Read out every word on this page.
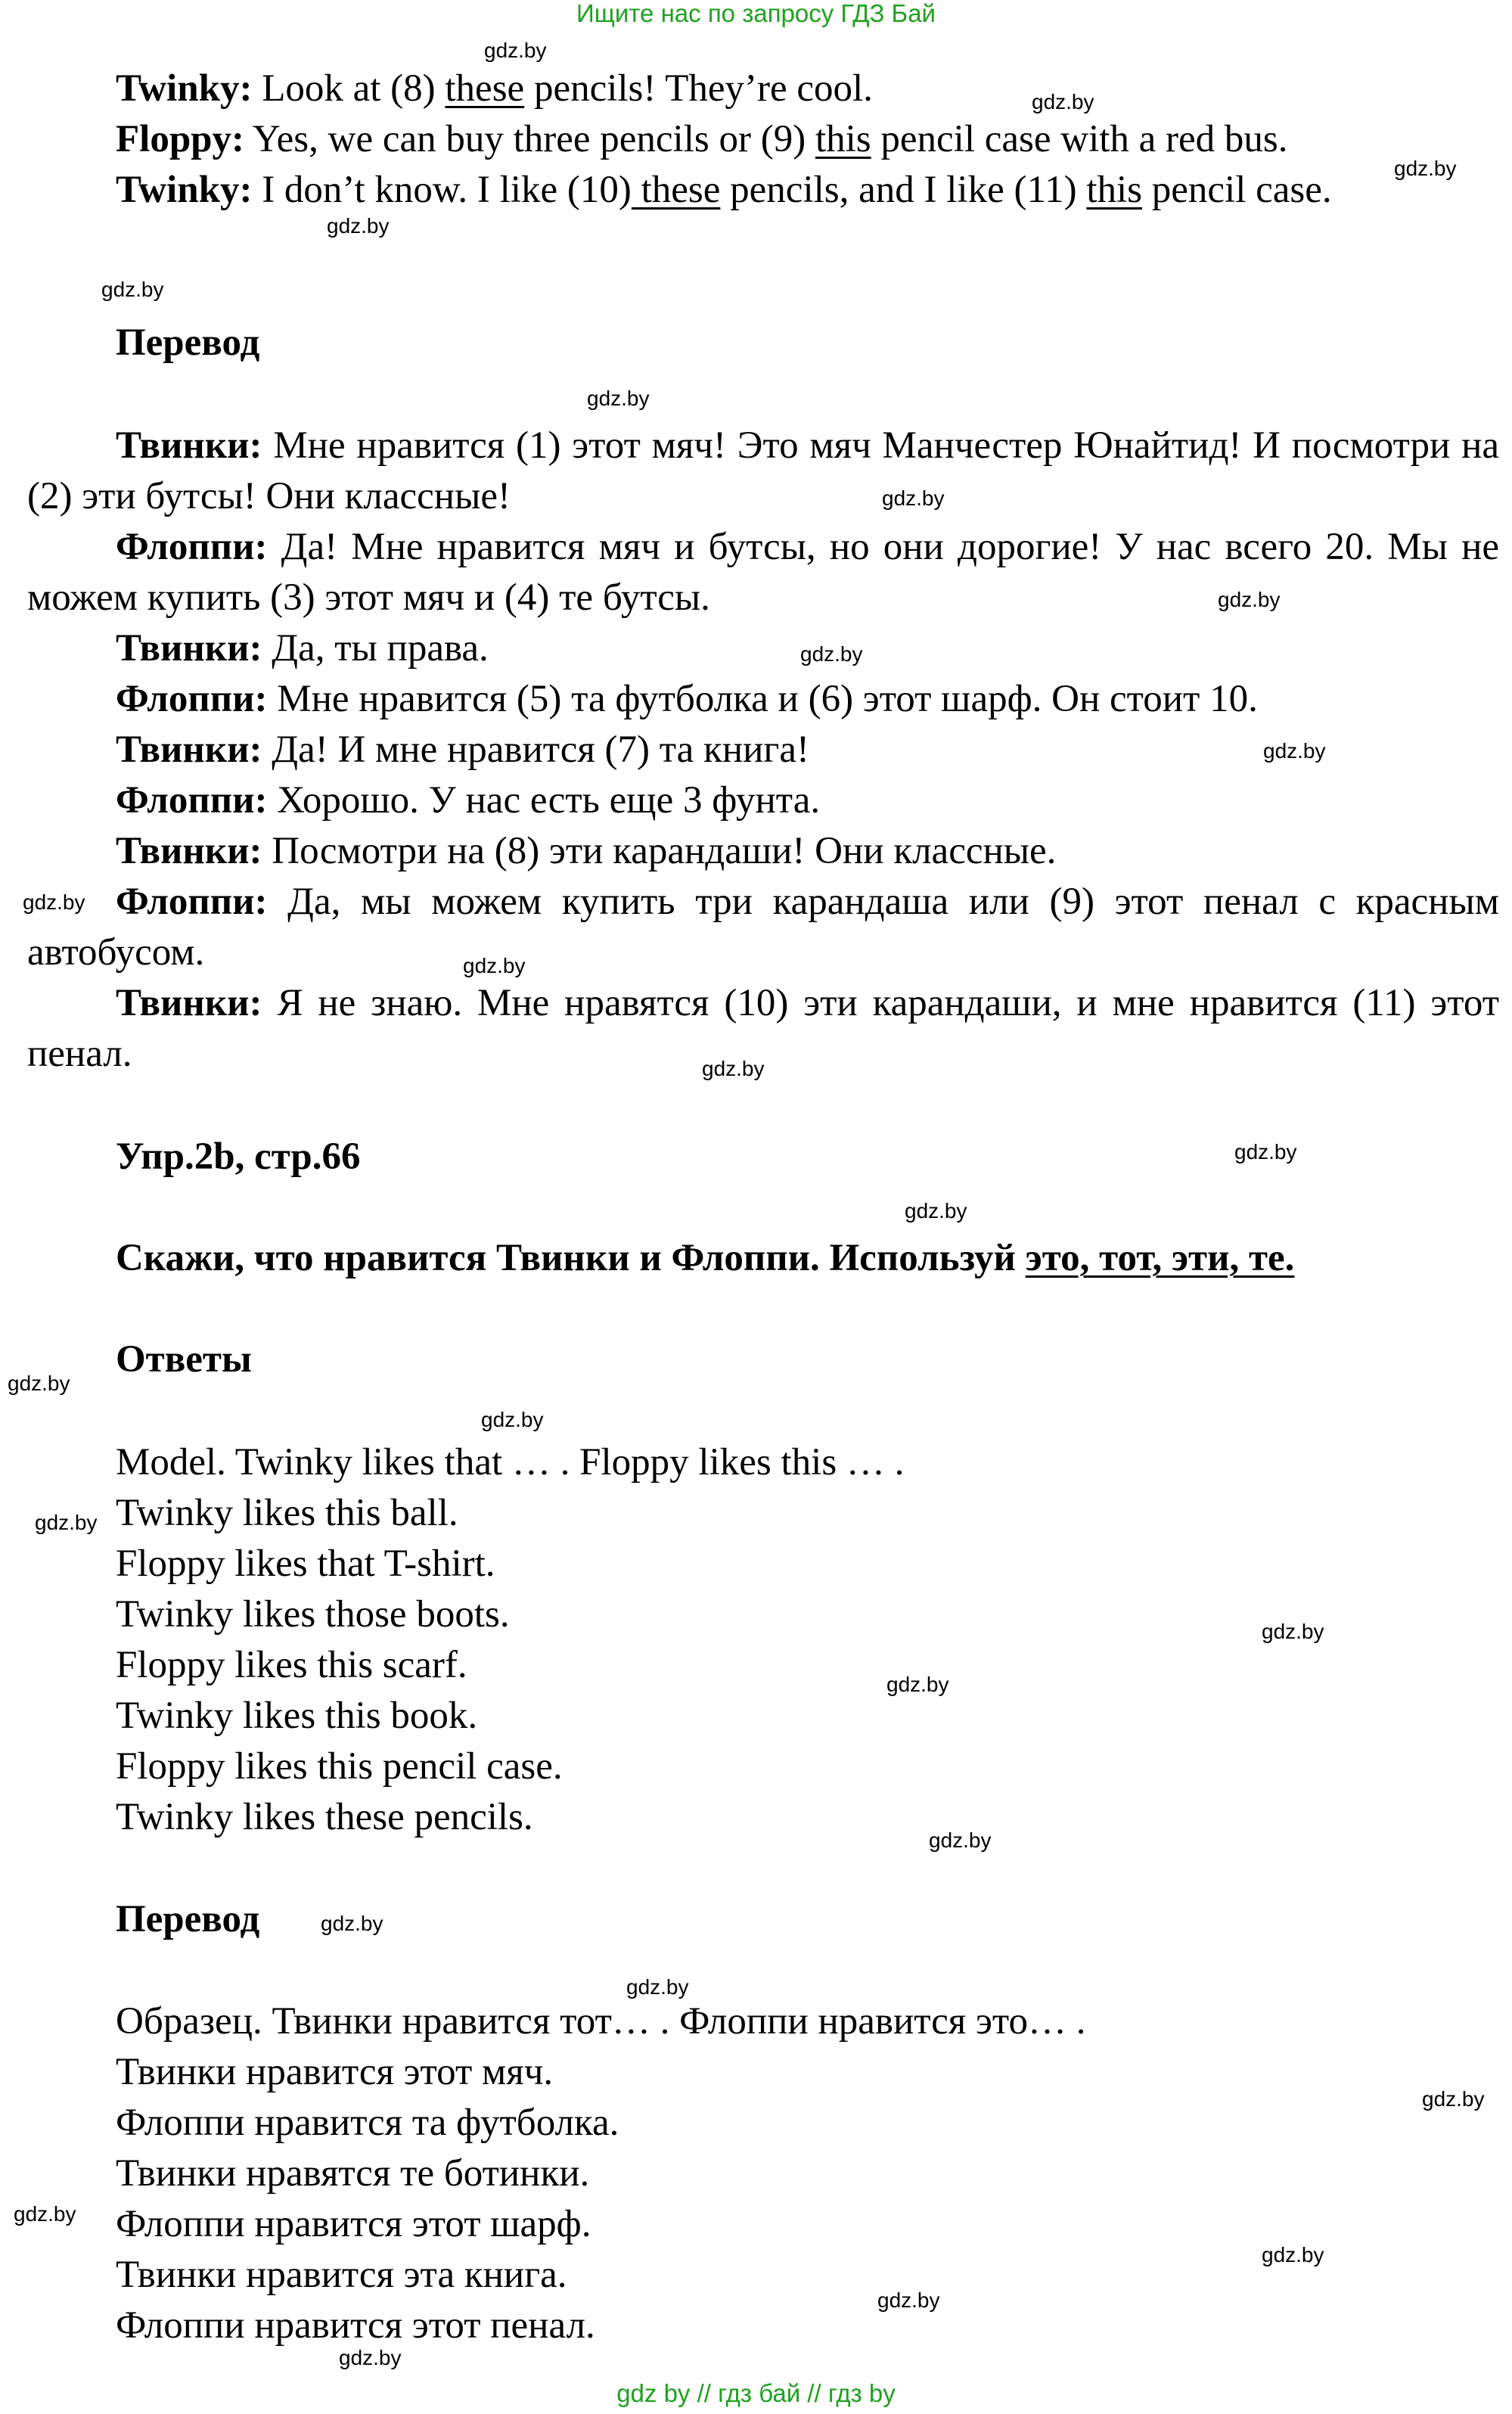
Ищите нас по запросу ГДЗ Бай

Twinky: Look at (8) these pencils! They’re cool.

Floppy: Yes, we can buy three pencils or (9) this pencil case with a red bus.

Twinky: I don’t know. I like (10) these pencils, and I like (11) this pencil case.

Перевод

Твинки: Мне нравится (1) этот мяч! Это мяч Манчестер Юнайтид! И посмотри на (2) эти бутсы! Они классные!

Флоппи: Да! Мне нравится мяч и бутсы, но они дорогие! У нас всего 20. Мы не можем купить (3) этот мяч и (4) те бутсы.

Твинки: Да, ты права.

Флоппи: Мне нравится (5) та футболка и (6) этот шарф. Он стоит 10.

Твинки: Да! И мне нравится (7) та книга!

Флоппи: Хорошо. У нас есть еще 3 фунта.

Твинки: Посмотри на (8) эти карандаши! Они классные.

Флоппи: Да, мы можем купить три карандаша или (9) этот пенал с красным автобусом.

Твинки: Я не знаю. Мне нравятся (10) эти карандаши, и мне нравится (11) этот пенал.

Упр.2b, стр.66
Скажи, что нравится Твинки и Флоппи. Используй это, тот, эти, те.
Ответы
Model. Twinky likes that … . Floppy likes this … .
Twinky likes this ball.
Floppy likes that T-shirt.
Twinky likes those boots.
Floppy likes this scarf.
Twinky likes this book.
Floppy likes this pencil case.
Twinky likes these pencils.
Перевод
Образец. Твинки нравится тот… . Флоппи нравится это… .
Твинки нравится этот мяч.
Флоппи нравится та футболка.
Твинки нравятся те ботинки.
Флоппи нравится этот шарф.
Твинки нравится эта книга.
Флоппи нравится этот пенал.
gdz.by
gdz.by
gdz.by
gdz.by
gdz.by
gdz.by
gdz.by
gdz.by
gdz.by
gdz.by
gdz.by
gdz.by
gdz.by
gdz.by
gdz.by
gdz.by
gdz.by
gdz.by
gdz.by
gdz.by
gdz.by
gdz.by
gdz.by
gdz.by
gdz.by
gdz.by
gdz.by
gdz.by
gdz by // гдз бай // гдз by
